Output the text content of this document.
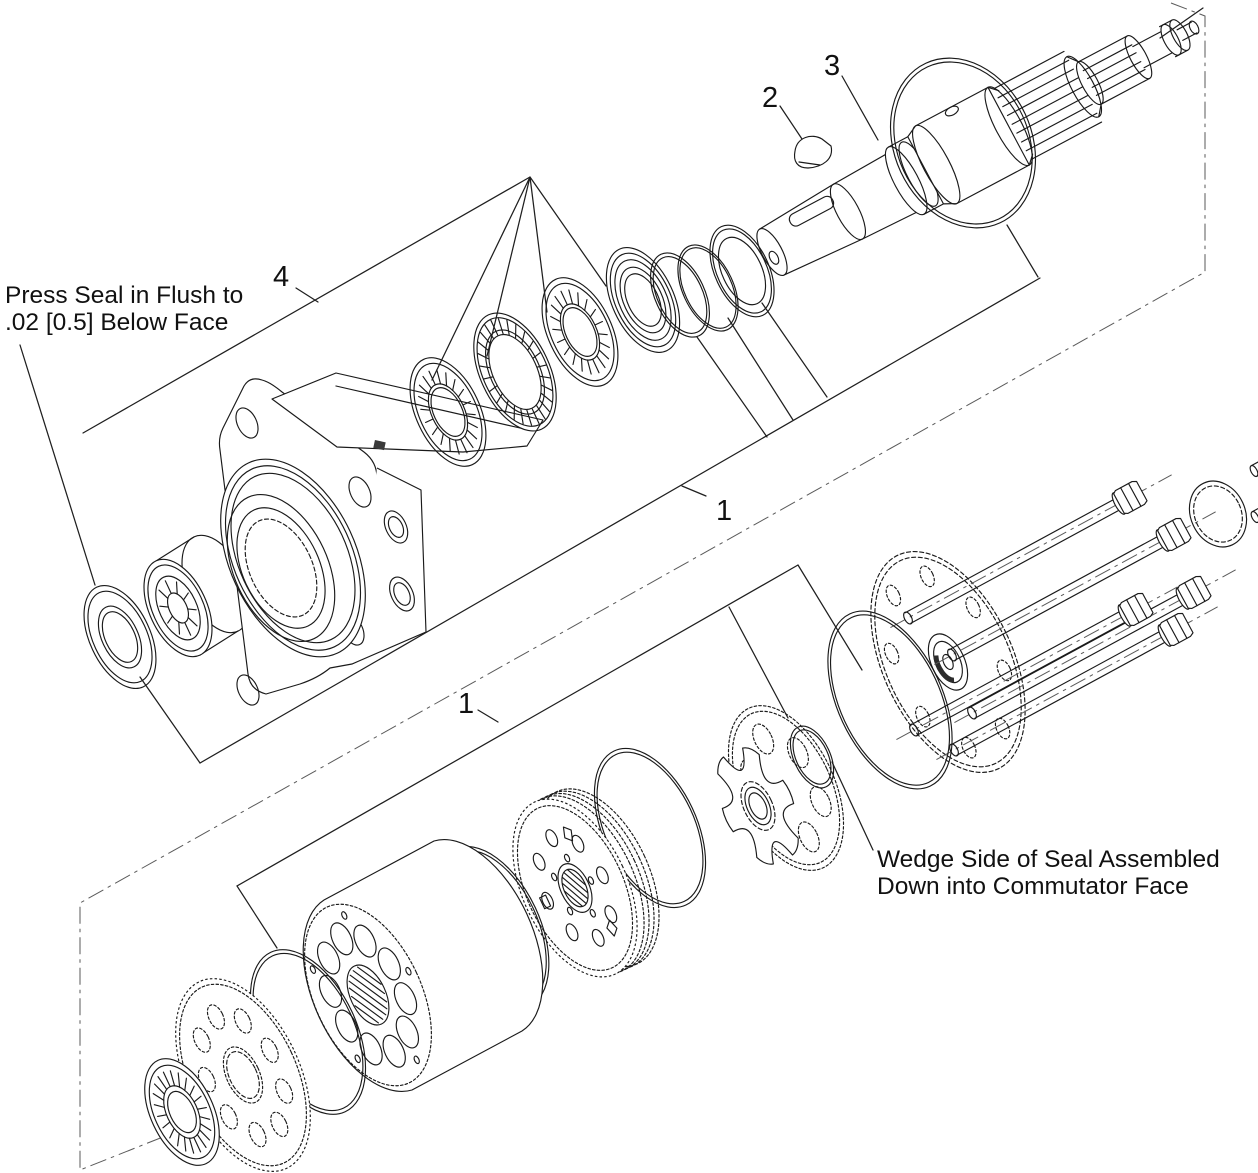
Press Seal in Flush to
.02 [0.5] Below Face
Wedge Side of Seal Assembled
Down into Commutator Face
4
2
3
1
1
